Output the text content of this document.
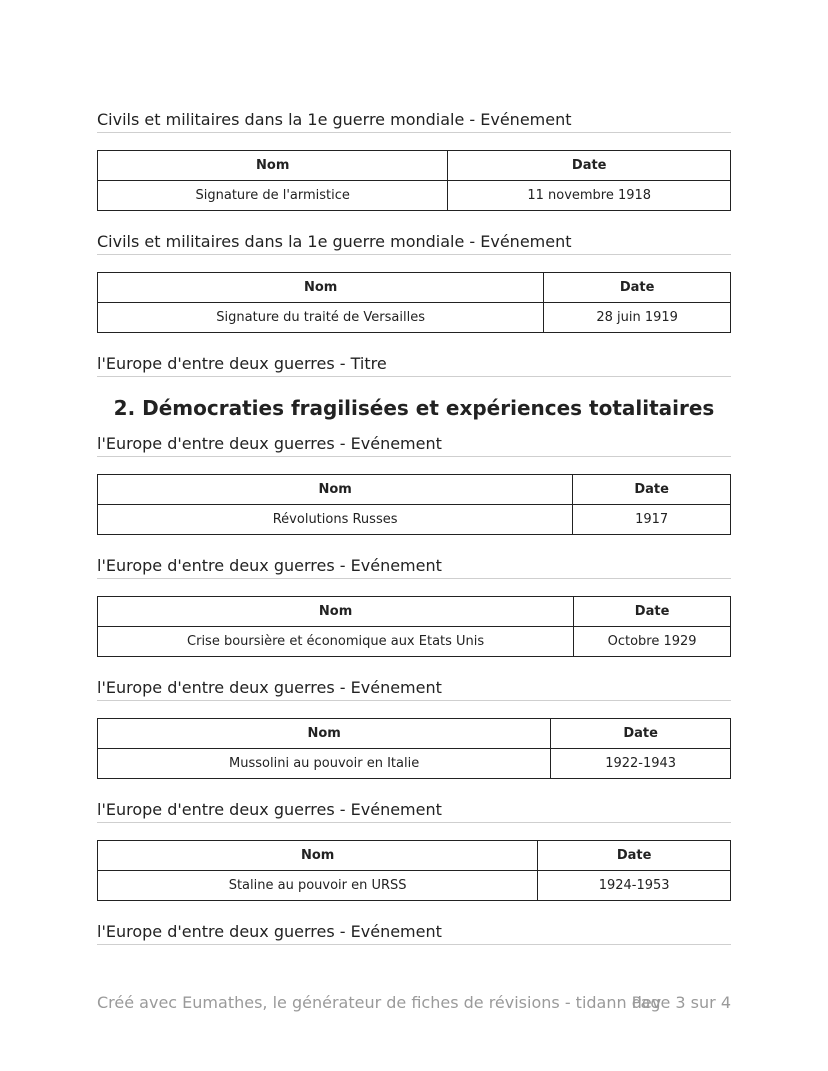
Civils et militaires dans la 1e guerre mondiale - Evénement
Nom	Date
Signature de l'armistice	11 novembre 1918
Civils et militaires dans la 1e guerre mondiale - Evénement
Nom	Date
Signature du traité de Versailles	28 juin 1919
l'Europe d'entre deux guerres - Titre
2. Démocraties fragilisées et expériences totalitaires
l'Europe d'entre deux guerres - Evénement
Nom	Date
Révolutions Russes	1917
l'Europe d'entre deux guerres - Evénement
Nom	Date
Crise boursière et économique aux Etats Unis	Octobre 1929
l'Europe d'entre deux guerres - Evénement
Nom	Date
Mussolini au pouvoir en Italie	1922-1943
l'Europe d'entre deux guerres - Evénement
Nom	Date
Staline au pouvoir en URSS	1924-1953
l'Europe d'entre deux guerres - Evénement
Créé avec Eumathes, le générateur de fiches de révisions - tidann dev
Page 3 sur 4
